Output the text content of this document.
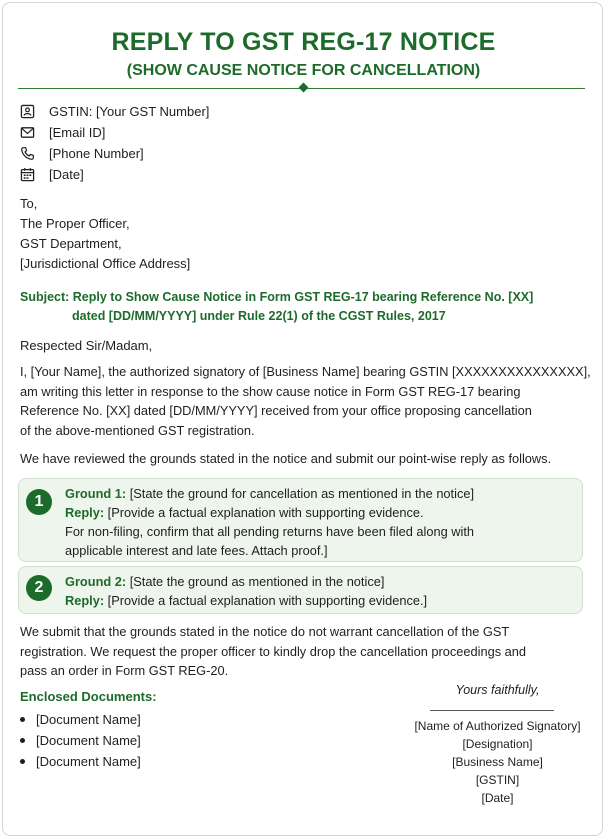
REPLY TO GST REG-17 NOTICE
(SHOW CAUSE NOTICE FOR CANCELLATION)
GSTIN: [Your GST Number]
[Email ID]
[Phone Number]
[Date]
To,
The Proper Officer,
GST Department,
[Jurisdictional Office Address]
Subject: Reply to Show Cause Notice in Form GST REG-17 bearing Reference No. [XX]
dated [DD/MM/YYYY] under Rule 22(1) of the CGST Rules, 2017
Respected Sir/Madam,
I, [Your Name], the authorized signatory of [Business Name] bearing GSTIN [XXXXXXXXXXXXXXX],
am writing this letter in response to the show cause notice in Form GST REG-17 bearing
Reference No. [XX] dated [DD/MM/YYYY] received from your office proposing cancellation
of the above-mentioned GST registration.
We have reviewed the grounds stated in the notice and submit our point-wise reply as follows.
1	Ground 1: [State the ground for cancellation as mentioned in the notice]
Reply: [Provide a factual explanation with supporting evidence.
For non-filing, confirm that all pending returns have been filed along with
applicable interest and late fees. Attach proof.]
2	Ground 2: [State the ground as mentioned in the notice]
Reply: [Provide a factual explanation with supporting evidence.]
We submit that the grounds stated in the notice do not warrant cancellation of the GST
registration. We request the proper officer to kindly drop the cancellation proceedings and
pass an order in Form GST REG-20.
Enclosed Documents:
[Document Name]
[Document Name]
[Document Name]
Yours faithfully,
[Name of Authorized Signatory]
[Designation]
[Business Name]
[GSTIN]
[Date]
